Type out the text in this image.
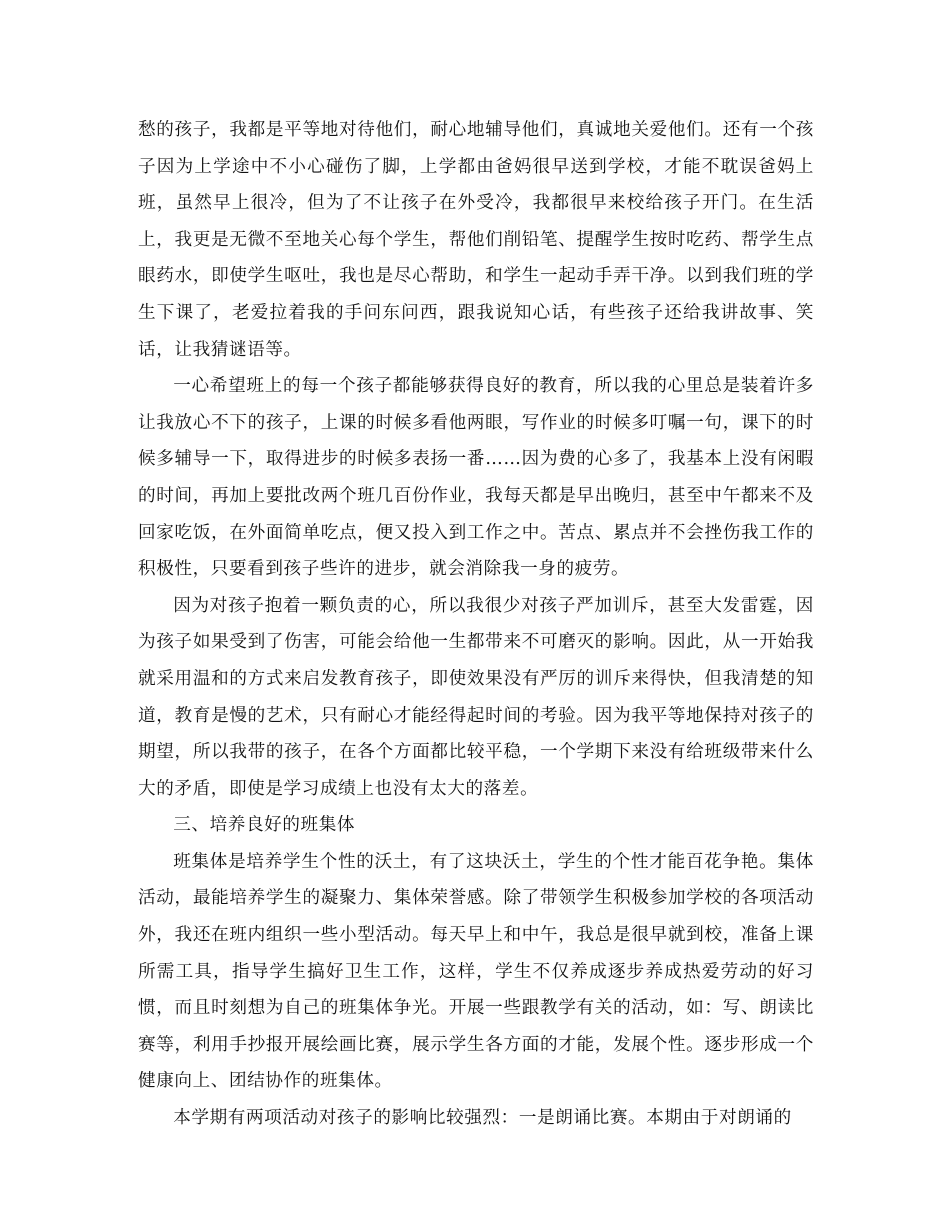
愁的孩子，我都是平等地对待他们，耐心地辅导他们，真诚地关爱他们。还有一个孩子因为上学途中不小心碰伤了脚，上学都由爸妈很早送到学校，才能不耽误爸妈上班，虽然早上很冷，但为了不让孩子在外受冷，我都很早来校给孩子开门。在生活上，我更是无微不至地关心每个学生，帮他们削铅笔、提醒学生按时吃药、帮学生点眼药水，即使学生呕吐，我也是尽心帮助，和学生一起动手弄干净。以到我们班的学生下课了，老爱拉着我的手问东问西，跟我说知心话，有些孩子还给我讲故事、笑话，让我猜谜语等。

一心希望班上的每一个孩子都能够获得良好的教育，所以我的心里总是装着许多让我放心不下的孩子，上课的时候多看他两眼，写作业的时候多叮嘱一句，课下的时候多辅导一下，取得进步的时候多表扬一番……因为费的心多了，我基本上没有闲暇的时间，再加上要批改两个班几百份作业，我每天都是早出晚归，甚至中午都来不及回家吃饭，在外面简单吃点，便又投入到工作之中。苦点、累点并不会挫伤我工作的积极性，只要看到孩子些许的进步，就会消除我一身的疲劳。

因为对孩子抱着一颗负责的心，所以我很少对孩子严加训斥，甚至大发雷霆，因为孩子如果受到了伤害，可能会给他一生都带来不可磨灭的影响。因此，从一开始我就采用温和的方式来启发教育孩子，即使效果没有严厉的训斥来得快，但我清楚的知道，教育是慢的艺术，只有耐心才能经得起时间的考验。因为我平等地保持对孩子的期望，所以我带的孩子，在各个方面都比较平稳，一个学期下来没有给班级带来什么大的矛盾，即使是学习成绩上也没有太大的落差。

三、培养良好的班集体

班集体是培养学生个性的沃土，有了这块沃土，学生的个性才能百花争艳。集体活动，最能培养学生的凝聚力、集体荣誉感。除了带领学生积极参加学校的各项活动外，我还在班内组织一些小型活动。每天早上和中午，我总是很早就到校，准备上课所需工具，指导学生搞好卫生工作，这样，学生不仅养成逐步养成热爱劳动的好习惯，而且时刻想为自己的班集体争光。开展一些跟教学有关的活动，如：写、朗读比赛等，利用手抄报开展绘画比赛，展示学生各方面的才能，发展个性。逐步形成一个健康向上、团结协作的班集体。

本学期有两项活动对孩子的影响比较强烈：一是朗诵比赛。本期由于对朗诵的
